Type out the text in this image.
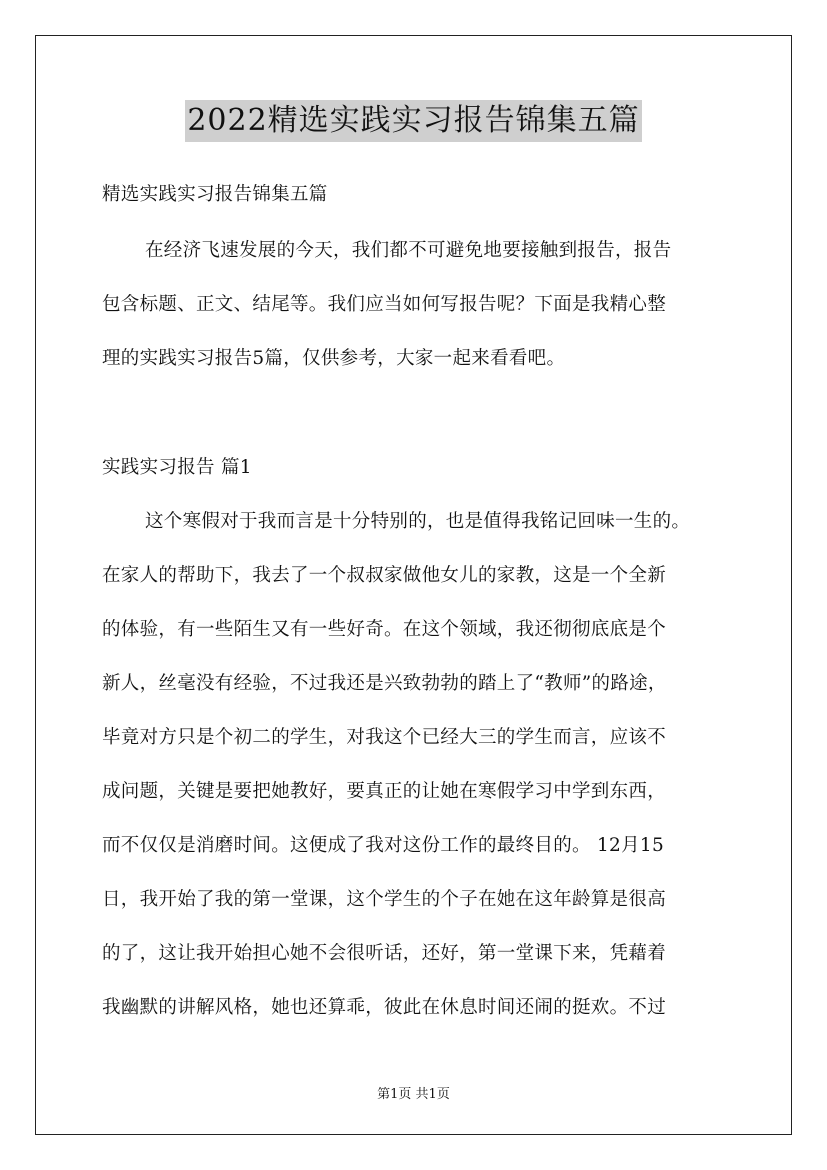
2022精选实践实习报告锦集五篇
精选实践实习报告锦集五篇
在经济飞速发展的今天，我们都不可避免地要接触到报告，报告
包含标题、正文、结尾等。我们应当如何写报告呢？下面是我精心整
理的实践实习报告5篇，仅供参考，大家一起来看看吧。
实践实习报告 篇1
这个寒假对于我而言是十分特别的，也是值得我铭记回味一生的。
在家人的帮助下，我去了一个叔叔家做他女儿的家教，这是一个全新
的体验，有一些陌生又有一些好奇。在这个领域，我还彻彻底底是个
新人，丝毫没有经验，不过我还是兴致勃勃的踏上了“教师”的路途，
毕竟对方只是个初二的学生，对我这个已经大三的学生而言，应该不
成问题，关键是要把她教好，要真正的让她在寒假学习中学到东西，
而不仅仅是消磨时间。这便成了我对这份工作的最终目的。 12月15
日，我开始了我的第一堂课，这个学生的个子在她在这年龄算是很高
的了，这让我开始担心她不会很听话，还好，第一堂课下来，凭藉着
我幽默的讲解风格，她也还算乖，彼此在休息时间还闹的挺欢。不过
第1页 共1页
